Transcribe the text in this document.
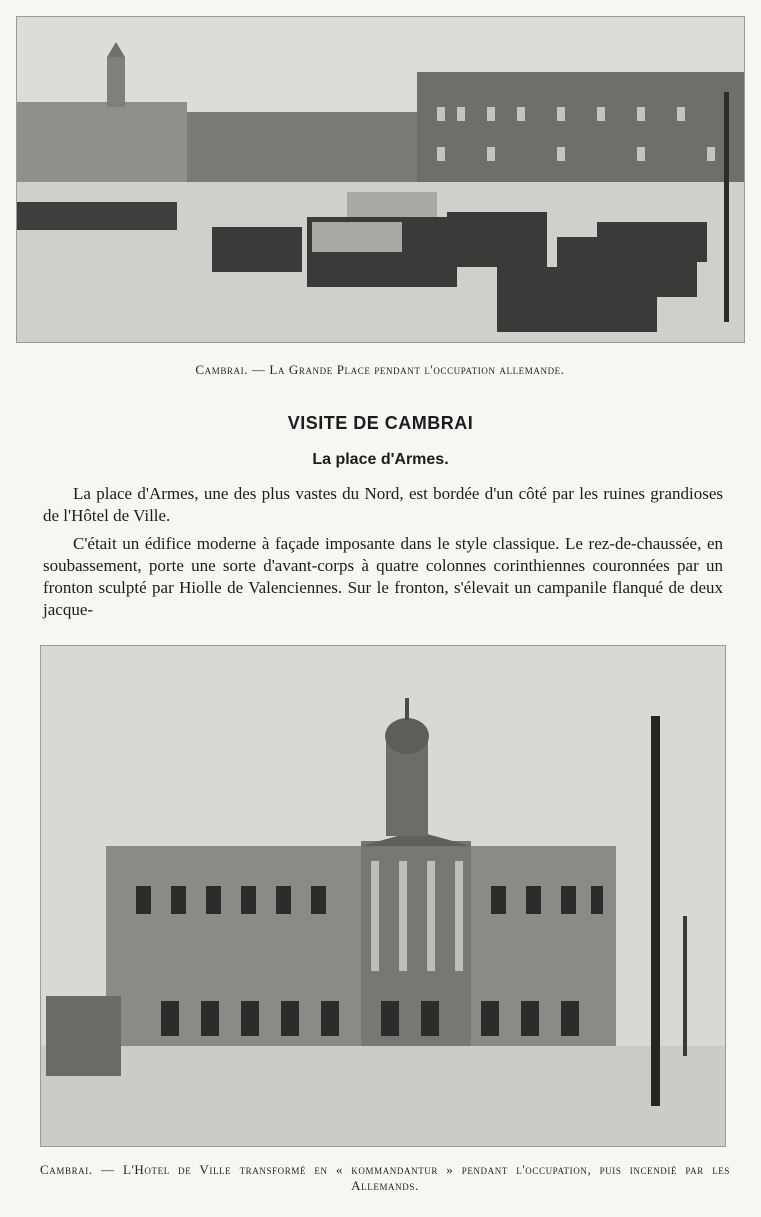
Cambrai. — La Grande Place pendant l'occupation allemande.
VISITE DE CAMBRAI
La place d'Armes.

La place d'Armes, une des plus vastes du Nord, est bordée d'un côté par les ruines grandioses de l'Hôtel de Ville.

C'était un édifice moderne à façade imposante dans le style classique. Le rez-de-chaussée, en soubassement, porte une sorte d'avant-corps à quatre colonnes corinthiennes couronnées par un fronton sculpté par Hiolle de Valenciennes. Sur le fronton, s'élevait un campanile flanqué de deux jacque-

Cambrai. — L'Hotel de Ville transformé en « kommandantur » pendant l'occupation, puis incendié par les Allemands.
